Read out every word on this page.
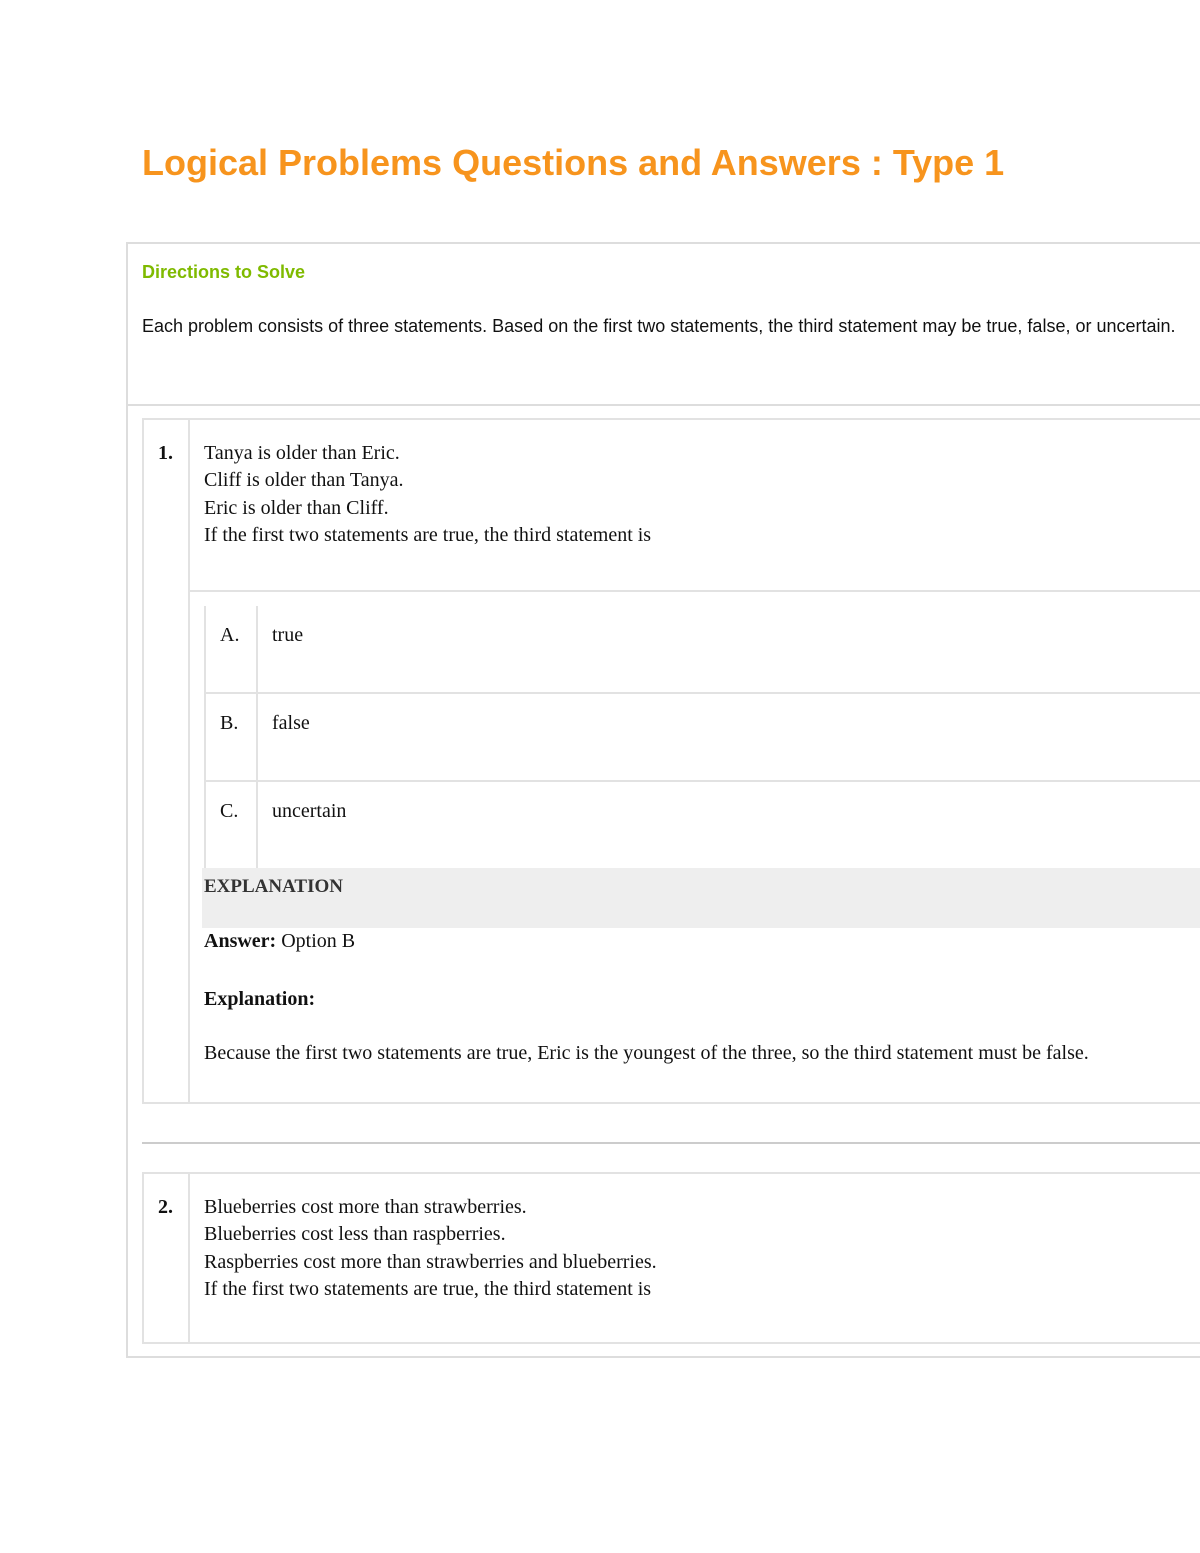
Logical Problems Questions and Answers : Type 1
Directions to Solve
Each problem consists of three statements. Based on the first two statements, the third statement may be true, false, or uncertain.
1. Tanya is older than Eric.
Cliff is older than Tanya.
Eric is older than Cliff.
If the first two statements are true, the third statement is
A. true
B. false
C. uncertain
EXPLANATION
Answer: Option B
Explanation:
Because the first two statements are true, Eric is the youngest of the three, so the third statement must be false.
2. Blueberries cost more than strawberries.
Blueberries cost less than raspberries.
Raspberries cost more than strawberries and blueberries.
If the first two statements are true, the third statement is
